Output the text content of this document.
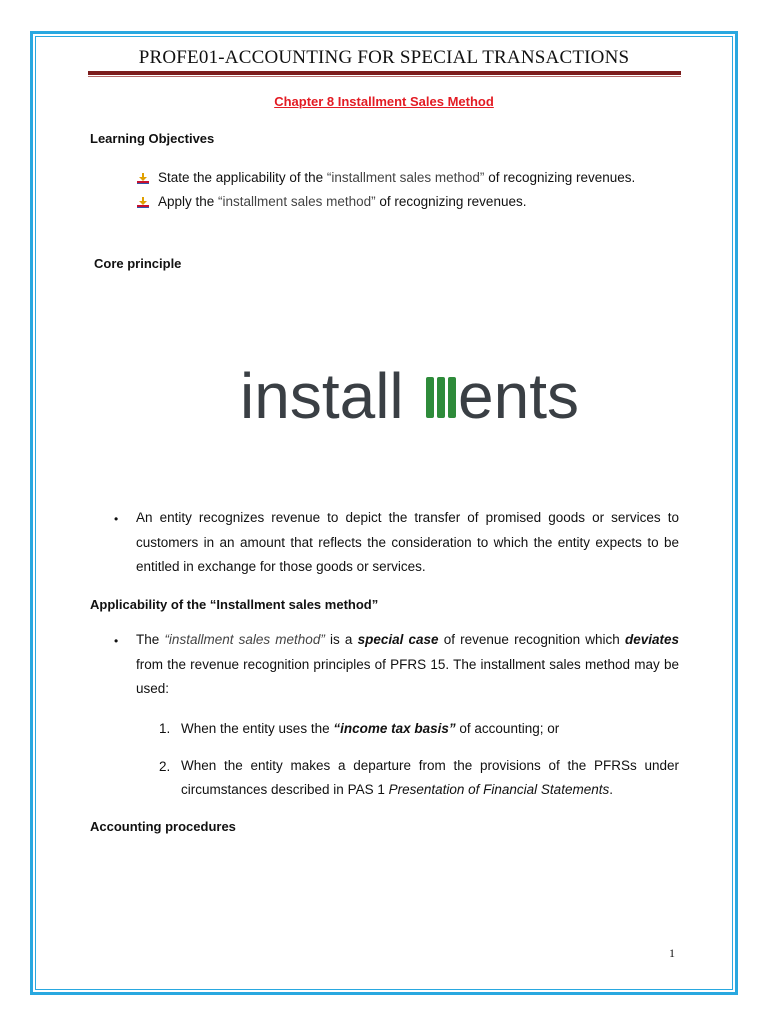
PROFE01-ACCOUNTING FOR SPECIAL TRANSACTIONS
Chapter 8 Installment Sales Method
Learning Objectives
State the applicability of the “installment sales method” of recognizing revenues.
Apply the “installment sales method” of recognizing revenues.
Core principle
install ents
• An entity recognizes revenue to depict the transfer of promised goods or services to customers in an amount that reflects the consideration to which the entity expects to be entitled in exchange for those goods or services.
Applicability of the “Installment sales method”
• The “installment sales method” is a special case of revenue recognition which deviates from the revenue recognition principles of PFRS 15. The installment sales method may be used:
1. When the entity uses the “income tax basis” of accounting; or
2. When the entity makes a departure from the provisions of the PFRSs under circumstances described in PAS 1 Presentation of Financial Statements.
Accounting procedures
1
